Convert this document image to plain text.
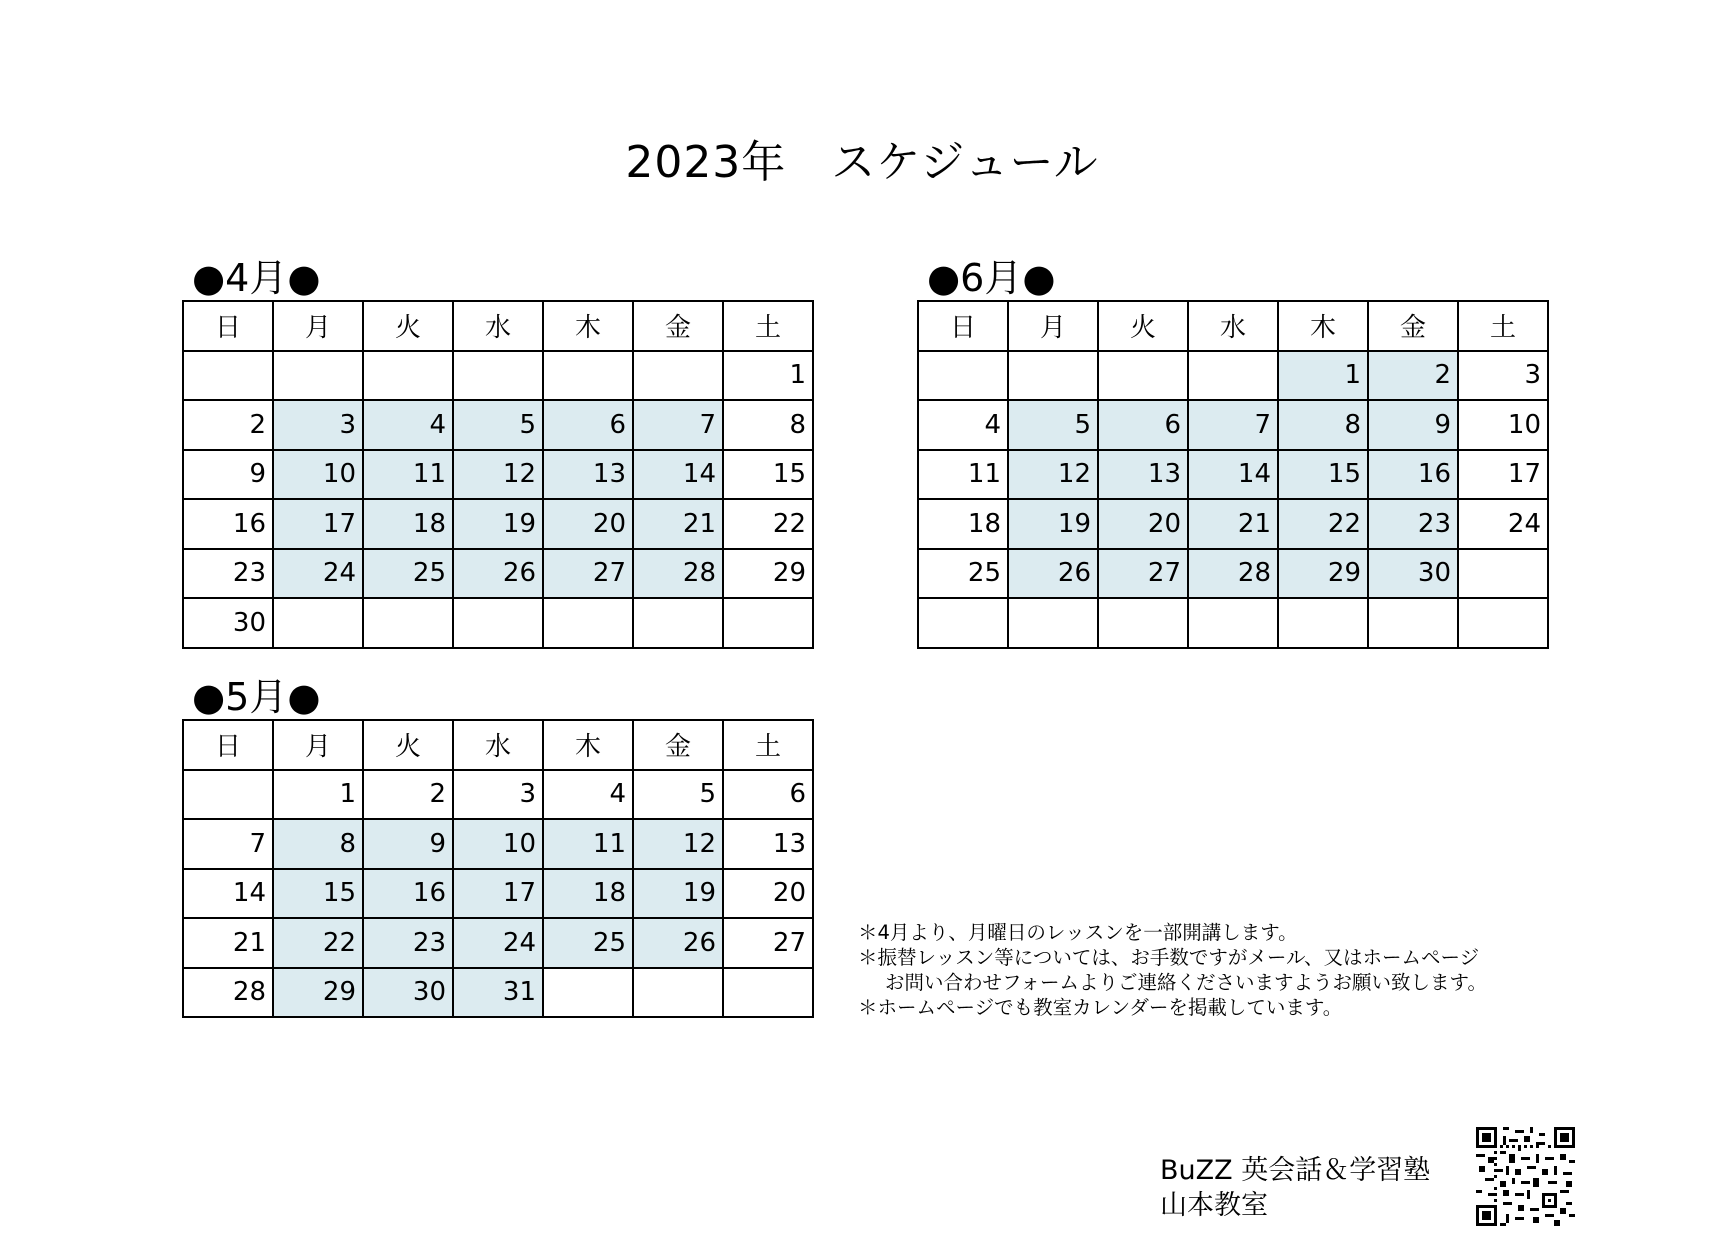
2023年　スケジュール
●4月●
日	月	火	水	木	金	土
						1
2	3	4	5	6	7	8
9	10	11	12	13	14	15
16	17	18	19	20	21	22
23	24	25	26	27	28	29
30						
●6月●
日	月	火	水	木	金	土
				1	2	3
4	5	6	7	8	9	10
11	12	13	14	15	16	17
18	19	20	21	22	23	24
25	26	27	28	29	30	

●5月●
日	月	火	水	木	金	土
	1	2	3	4	5	6
7	8	9	10	11	12	13
14	15	16	17	18	19	20
21	22	23	24	25	26	27
28	29	30	31			
＊4月より、月曜日のレッスンを一部開講します。
＊振替レッスン等については、お手数ですがメール、又はホームページ
お問い合わせフォームよりご連絡くださいますようお願い致します。
＊ホームページでも教室カレンダーを掲載しています。
BuZZ 英会話＆学習塾
山本教室
